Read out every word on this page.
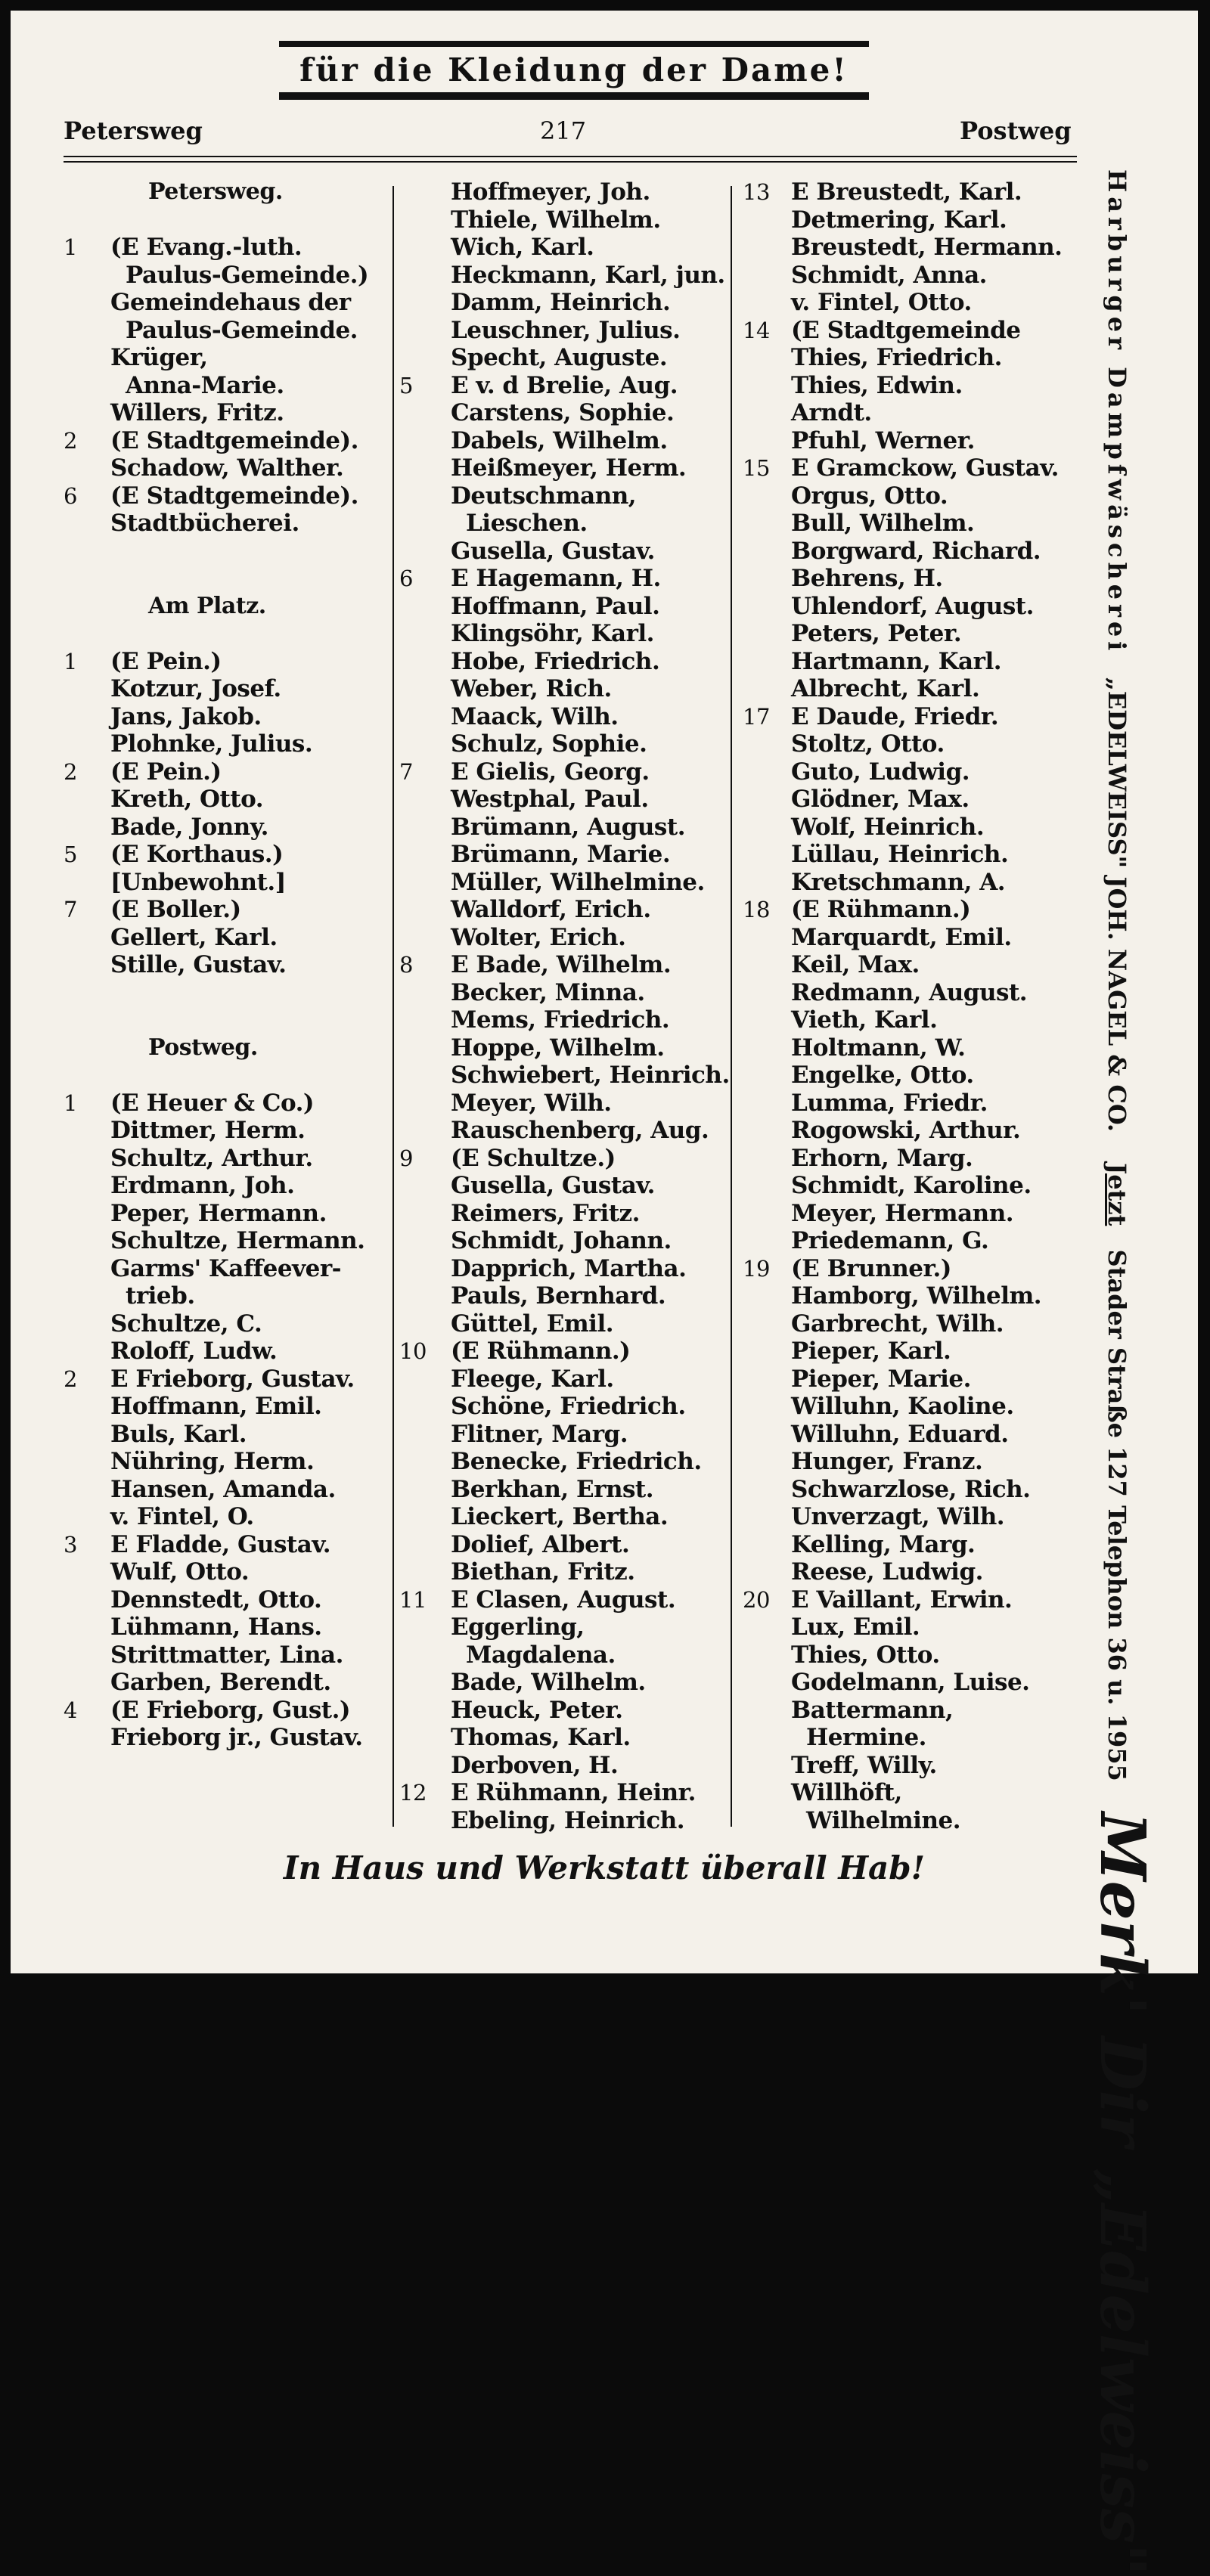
für die Kleidung der Dame!
Petersweg	217	Postweg
Petersweg.
1 (E Evang.-luth.
Paulus-Gemeinde.)
Gemeindehaus der
Paulus-Gemeinde.
Krüger,
Anna-Marie.
Willers, Fritz.
2 (E Stadtgemeinde).
Schadow, Walther.
6 (E Stadtgemeinde).
Stadtbücherei.
Am Platz.
1 (E Pein.)
Kotzur, Josef.
Jans, Jakob.
Plohnke, Julius.
2 (E Pein.)
Kreth, Otto.
Bade, Jonny.
5 (E Korthaus.)
[Unbewohnt.]
7 (E Boller.)
Gellert, Karl.
Stille, Gustav.
Postweg.
1 (E Heuer & Co.)
Dittmer, Herm.
Schultz, Arthur.
Erdmann, Joh.
Peper, Hermann.
Schultze, Hermann.
Garms' Kaffeever-
trieb.
Schultze, C.
Roloff, Ludw.
2 E Frieborg, Gustav.
Hoffmann, Emil.
Buls, Karl.
Nühring, Herm.
Hansen, Amanda.
v. Fintel, O.
3 E Fladde, Gustav.
Wulf, Otto.
Dennstedt, Otto.
Lühmann, Hans.
Strittmatter, Lina.
Garben, Berendt.
4 (E Frieborg, Gust.)
Frieborg jr., Gustav.
Hoffmeyer, Joh.
Thiele, Wilhelm.
Wich, Karl.
Heckmann, Karl, jun.
Damm, Heinrich.
Leuschner, Julius.
Specht, Auguste.
5 E v. d Brelie, Aug.
Carstens, Sophie.
Dabels, Wilhelm.
Heißmeyer, Herm.
Deutschmann,
Lieschen.
Gusella, Gustav.
6 E Hagemann, H.
Hoffmann, Paul.
Klingsöhr, Karl.
Hobe, Friedrich.
Weber, Rich.
Maack, Wilh.
Schulz, Sophie.
7 E Gielis, Georg.
Westphal, Paul.
Brümann, August.
Brümann, Marie.
Müller, Wilhelmine.
Walldorf, Erich.
Wolter, Erich.
8 E Bade, Wilhelm.
Becker, Minna.
Mems, Friedrich.
Hoppe, Wilhelm.
Schwiebert, Heinrich.
Meyer, Wilh.
Rauschenberg, Aug.
9 (E Schultze.)
Gusella, Gustav.
Reimers, Fritz.
Schmidt, Johann.
Dapprich, Martha.
Pauls, Bernhard.
Güttel, Emil.
10 (E Rühmann.)
Fleege, Karl.
Schöne, Friedrich.
Flitner, Marg.
Benecke, Friedrich.
Berkhan, Ernst.
Lieckert, Bertha.
Dolief, Albert.
Biethan, Fritz.
11 E Clasen, August.
Eggerling,
Magdalena.
Bade, Wilhelm.
Heuck, Peter.
Thomas, Karl.
Derboven, H.
12 E Rühmann, Heinr.
Ebeling, Heinrich.
13 E Breustedt, Karl.
Detmering, Karl.
Breustedt, Hermann.
Schmidt, Anna.
v. Fintel, Otto.
14 (E Stadtgemeinde
Thies, Friedrich.
Thies, Edwin.
Arndt.
Pfuhl, Werner.
15 E Gramckow, Gustav.
Orgus, Otto.
Bull, Wilhelm.
Borgward, Richard.
Behrens, H.
Uhlendorf, August.
Peters, Peter.
Hartmann, Karl.
Albrecht, Karl.
17 E Daude, Friedr.
Stoltz, Otto.
Guto, Ludwig.
Glödner, Max.
Wolf, Heinrich.
Lüllau, Heinrich.
Kretschmann, A.
18 (E Rühmann.)
Marquardt, Emil.
Keil, Max.
Redmann, August.
Vieth, Karl.
Holtmann, W.
Engelke, Otto.
Lumma, Friedr.
Rogowski, Arthur.
Erhorn, Marg.
Schmidt, Karoline.
Meyer, Hermann.
Priedemann, G.
19 (E Brunner.)
Hamborg, Wilhelm.
Garbrecht, Wilh.
Pieper, Karl.
Pieper, Marie.
Willuhn, Kaoline.
Willuhn, Eduard.
Hunger, Franz.
Schwarzlose, Rich.
Unverzagt, Wilh.
Kelling, Marg.
Reese, Ludwig.
20 E Vaillant, Erwin.
Lux, Emil.
Thies, Otto.
Godelmann, Luise.
Battermann,
Hermine.
Treff, Willy.
Willhöft,
Wilhelmine.
Harburger Dampfwäscherei „EDELWEISS" JOH. NAGEL & CO. Jetzt Stader Straße 127 Telephon 36 u. 1955 Merk' Dir „Edelweiss"
In Haus und Werkstatt überall Hab!
